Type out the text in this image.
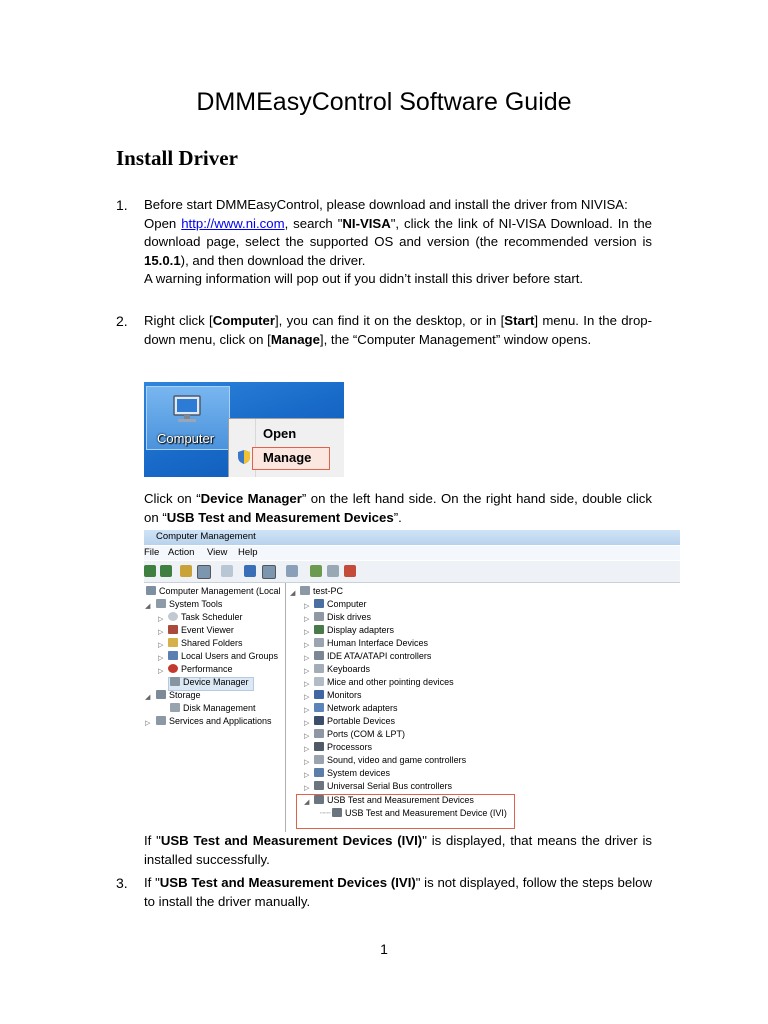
DMMEasyControl Software Guide
Install Driver
1. Before start DMMEasyControl, please download and install the driver from NIVISA:

Open http://www.ni.com, search "NI-VISA", click the link of NI-VISA Download. In the download page, select the supported OS and version (the recommended version is 15.0.1), and then download the driver.

A warning information will pop out if you didn’t install this driver before start.

2. Right click [Computer], you can find it on the desktop, or in [Start] menu. In the drop-down menu, click on [Manage], the “Computer Management” window opens.

Computer	Open
Manage

Click on “Device Manager” on the left hand side. On the right hand side, double click on “USB Test and Measurement Devices”.

Computer Management
File Action View Help
Computer Management (Local
◢	System Tools
▷	Task Scheduler
▷	Event Viewer
▷	Shared Folders
▷	Local Users and Groups
▷	Performance
Device Manager
◢	Storage
Disk Management
▷	Services and Applications
◢	test-PC
▷	Computer
▷	Disk drives
▷	Display adapters
▷	Human Interface Devices
▷	IDE ATA/ATAPI controllers
▷	Keyboards
▷	Mice and other pointing devices
▷	Monitors
▷	Network adapters
▷	Portable Devices
▷	Ports (COM & LPT)
▷	Processors
▷	Sound, video and game controllers
▷	System devices
▷	Universal Serial Bus controllers
◢	USB Test and Measurement Devices
┈┈	USB Test and Measurement Device (IVI)

If "USB Test and Measurement Devices (IVI)" is displayed, that means the driver is installed successfully.

3. If "USB Test and Measurement Devices (IVI)" is not displayed, follow the steps below to install the driver manually.

1
